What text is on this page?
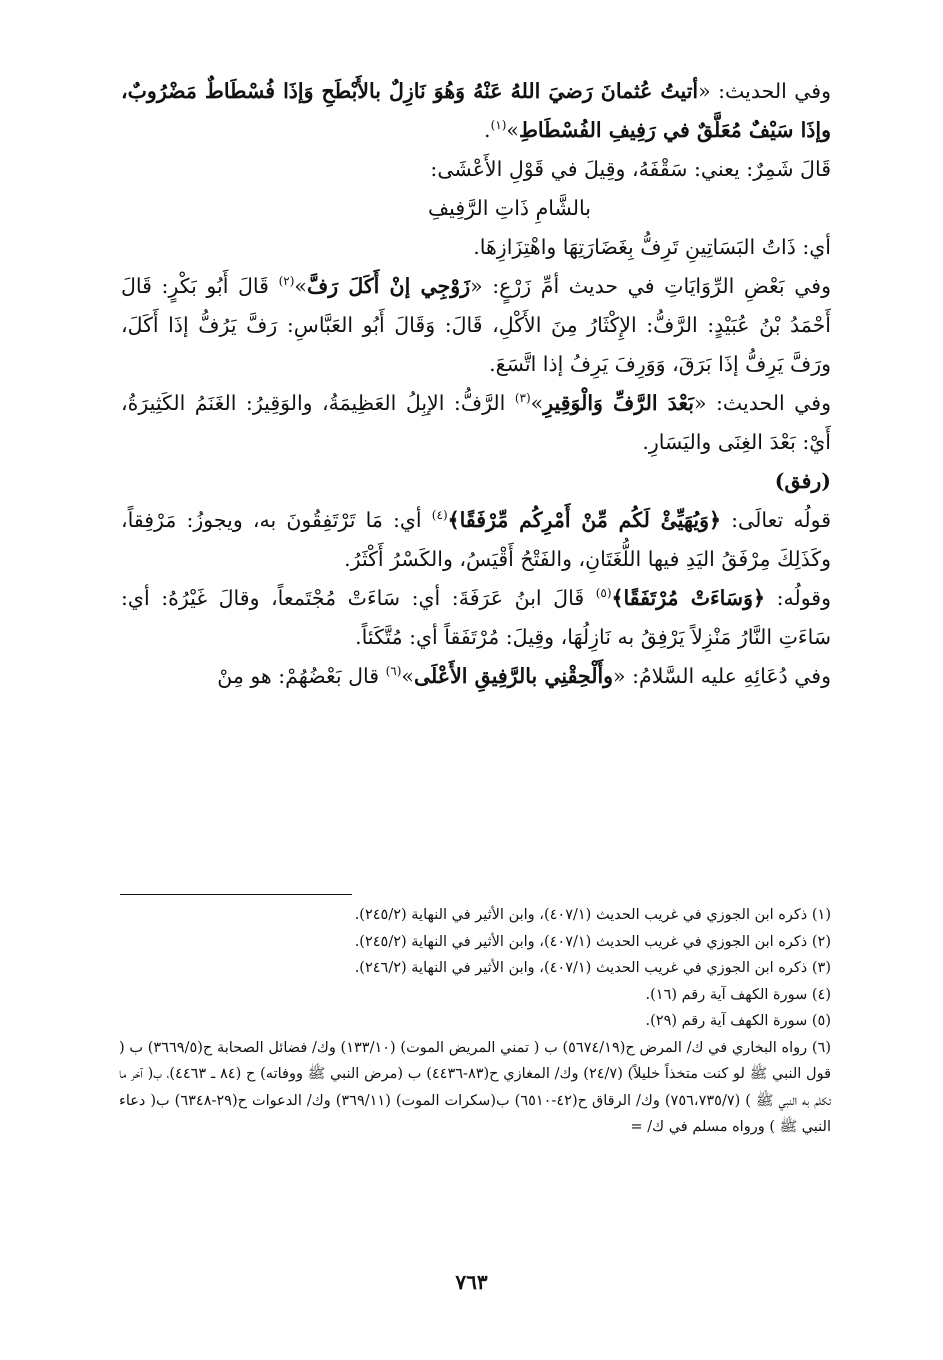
وفي الحديث: «أتيتُ عُثمانَ رَضيَ اللهُ عَنْهُ وَهُوَ نَازِلٌ بالأَبْطَحِ وَإذَا فُسْطَاطٌ مَضْرُوبٌ، وإذَا سَيْفٌ مُعَلَّقٌ في رَفِيفِ الفُسْطَاطِ»$^{(١)}$.

قَالَ شَمِرٌ: يعني: سَقْفَهُ، وقِيلَ في قَوْلِ الأَعْشَى:

بالشَّامِ ذَاتِ الرَّفِيفِ

أي: ذَاتُ البَسَاتِينِ تَرِفُّ بِغَضَارَتِهَا واهْتِزَازِهَا.

وفي بَعْضِ الرِّوَايَاتِ في حديث أمِّ زَرْعٍ: «زَوْجِي إنْ أَكَلَ رَفَّ»$^{(٢)}$ قَالَ أَبُو بَكْرٍ: قَالَ أَحْمَدُ بْنُ عُبَيْدٍ: الرَّفُّ: الإِكْثَارُ مِنَ الأَكْلِ، قَالَ: وَقَالَ أَبُو العَبَّاسِ: رَفَّ يَرُفُّ إذَا أَكَلَ، ورَفَّ يَرِفُّ إذَا بَرَقَ، وَوَرِفَ يَرِفُ إذا اتَّسَعَ.

وفي الحديث: «بَعْدَ الرَّفِّ وَالْوَقِيرِ»$^{(٣)}$ الرَّفُّ: الإبِلُ العَظِيمَةُ، والوَقِيرُ: الغَنَمُ الكَثِيرَةُ، أَيْ: بَعْدَ الغِنَى واليَسَارِ.

(رفق)

قولُه تعالَى: ﴿وَيُهَيِّئْ لَكُم مِّنْ أَمْرِكُم مِّرْفَقًا﴾$^{(٤)}$ أي: مَا تَرْتَفِقُونَ به، ويجوزُ: مَرْفِقاً، وكَذَلِكَ مِرْفَقُ اليَدِ فيها اللُّغَتَانِ، والفَتْحُ أَقْيَسُ، والكَسْرُ أَكْثَرُ.

وقولُه: ﴿وَسَاءَتْ مُرْتَفَقًا﴾$^{(٥)}$ قَالَ ابنُ عَرَفَةَ: أي: سَاءَتْ مُجْتَمعاً، وقالَ غَيْرُهُ: أي: سَاءَتِ النَّارُ مَنْزِلاً يَرْفِقُ به نَازِلُهَا، وقِيلَ: مُرْتَفَقاً أي: مُتَّكَئاً.

وفي دُعَائِهِ عليه السَّلامُ: «وأَلْحِقْنِي بالرَّفِيقِ الأَعْلَى»$^{(٦)}$ قال بَعْضُهُمْ: هو مِنْ

(١) ذكره ابن الجوزي في غريب الحديث (٤٠٧/١)، وابن الأثير في النهاية (٢٤٥/٢).

(٢) ذكره ابن الجوزي في غريب الحديث (٤٠٧/١)، وابن الأثير في النهاية (٢٤٥/٢).

(٣) ذكره ابن الجوزي في غريب الحديث (٤٠٧/١)، وابن الأثير في النهاية (٢٤٦/٢).

(٤) سورة الكهف آية رقم (١٦).

(٥) سورة الكهف آية رقم (٢٩).

(٦) رواه البخاري في ك/ المرض ح(٥٦٧٤/١٩) ب ( تمني المريض الموت) (١٣٣/١٠) وك/ فضائل الصحابة ح(٣٦٦٩/٥) ب ( قول النبي ﷺ لو كنت متخذاً خليلاً) (٢٤/٧) وك/ المغازي ح(٨٣-٤٤٣٦) ب (مرض النبي ﷺ ووفاته) ح (٨٤ ـ ٤٤٦٣)، ب( آخر ما تكلم به النبي ﷺ ) (٧٥٦،٧٣٥/٧) وك/ الرقاق ح(٤٢-٦٥١٠) ب(سكرات الموت) (٣٦٩/١١) وك/ الدعوات ح(٢٩-٦٣٤٨) ب( دعاء النبي ﷺ ) ورواه مسلم في ك/ =

٧٦٣
